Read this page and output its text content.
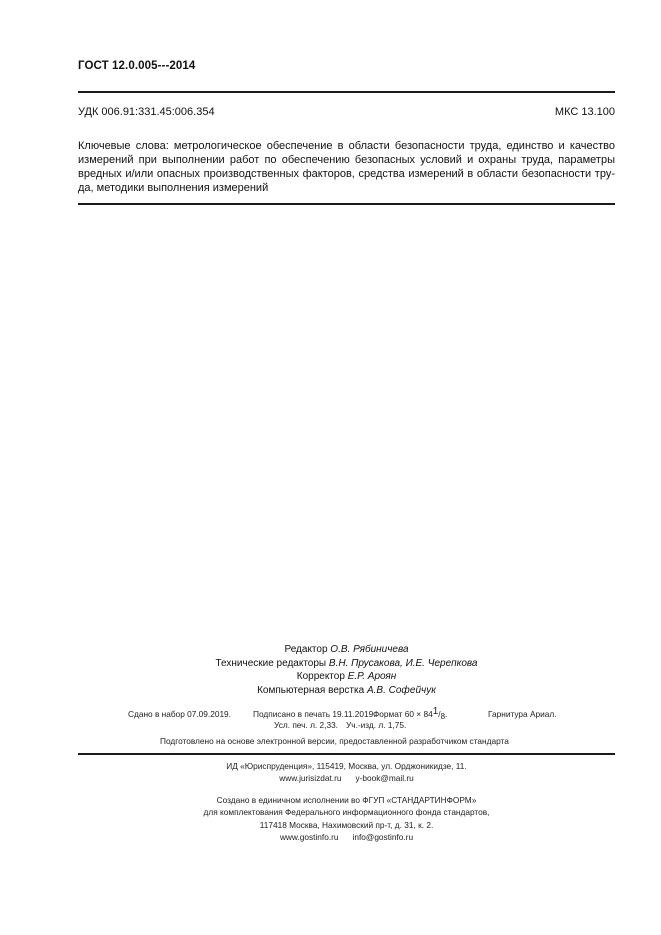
ГОСТ 12.0.005---2014
УДК 006.91:331.45:006.354	МКС 13.100
Ключевые слова: метрологическое обеспечение в области безопасности труда, единство и качество измерений при выполнении работ по обеспечению безопасных условий и охраны труда, параметры вредных и/или опасных производственных факторов, средства измерений в области безопасности тру-да, методики выполнения измерений
Редактор О.В. Рябиничева
Технические редакторы В.Н. Прусакова, И.Е. Черепкова
Корректор Е.Р. Ароян
Компьютерная верстка А.В. Софейчук
Сдано в набор 07.09.2019.	Подписано в печать 19.11.2019.
Формат 60 × 841/8.	Гарнитура Ариал.
Усл. печ. л. 2,33. Уч.-изд. л. 1,75.
Подготовлено на основе электронной версии, предоставленной разработчиком стандарта
ИД «Юриспруденция», 115419, Москва, ул. Орджоникидзе, 11.
www.jurisizdat.ru y-book@mail.ru
Создано в единичном исполнении во ФГУП «СТАНДАРТИНФОРМ»
для комплектования Федерального информационного фонда стандартов,
117418 Москва, Нахимовский пр-т, д. 31, к. 2.
www.gostinfo.ru info@gostinfo.ru
